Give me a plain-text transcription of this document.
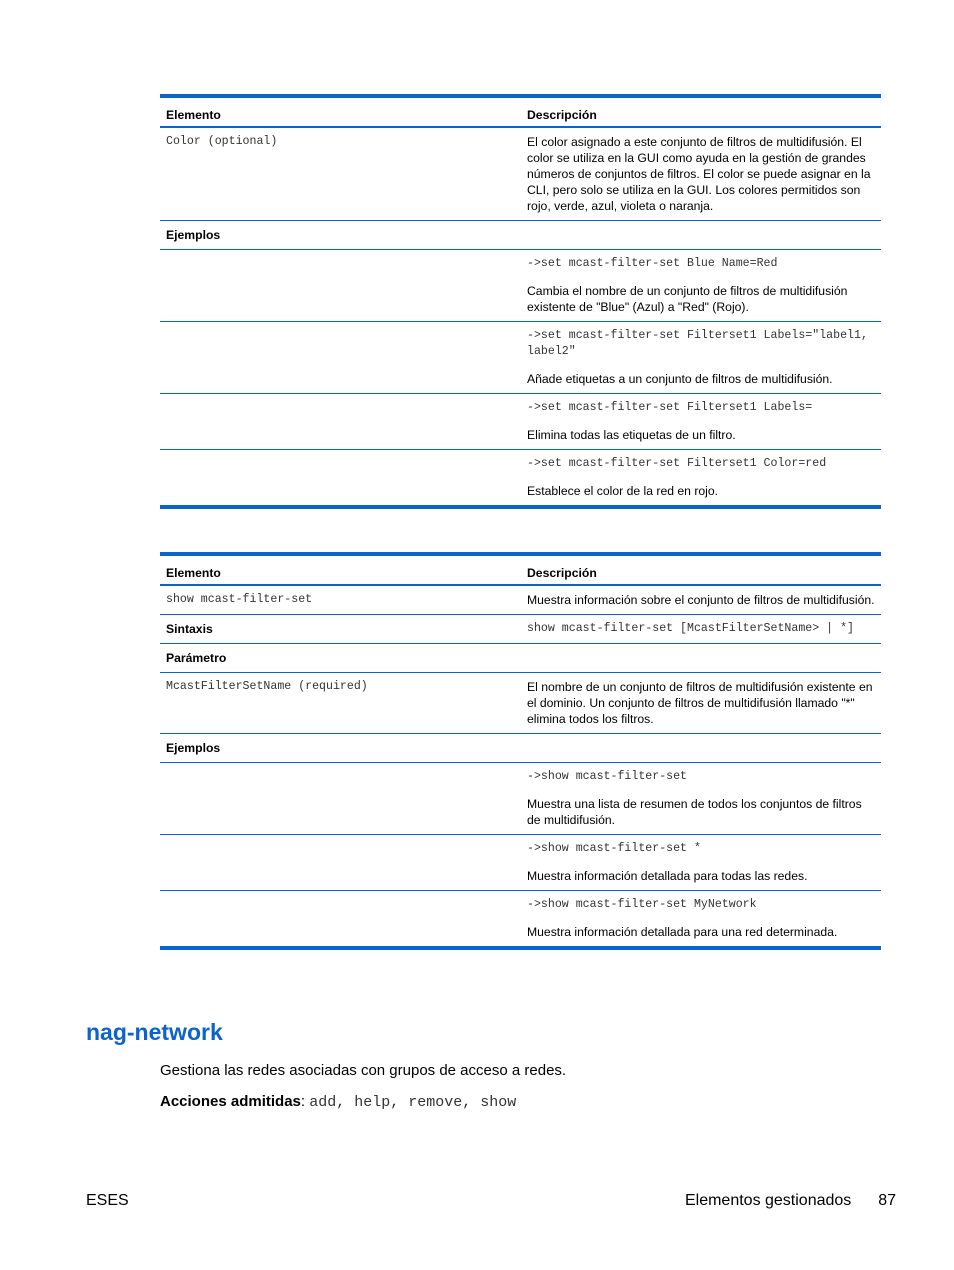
Elemento	Descripción
Color (optional)	El color asignado a este conjunto de filtros de multidifusión. El color se utiliza en la GUI como ayuda en la gestión de grandes números de conjuntos de filtros. El color se puede asignar en la CLI, pero solo se utiliza en la GUI. Los colores permitidos son rojo, verde, azul, violeta o naranja.
Ejemplos	

	->set mcast-filter-set Blue Name=Red
Cambia el nombre de un conjunto de filtros de multidifusión existente de "Blue" (Azul) a "Red" (Rojo).

	->set mcast-filter-set Filterset1 Labels="label1, label2"
Añade etiquetas a un conjunto de filtros de multidifusión.

	->set mcast-filter-set Filterset1 Labels=
Elimina todas las etiquetas de un filtro.

	->set mcast-filter-set Filterset1 Color=red
Establece el color de la red en rojo.
Elemento	Descripción
show mcast-filter-set	Muestra información sobre el conjunto de filtros de multidifusión.
Sintaxis	show mcast-filter-set [McastFilterSetName> | *]
Parámetro	
McastFilterSetName (required)	El nombre de un conjunto de filtros de multidifusión existente en el dominio. Un conjunto de filtros de multidifusión llamado "*" elimina todos los filtros.
Ejemplos	

	->show mcast-filter-set
Muestra una lista de resumen de todos los conjuntos de filtros de multidifusión.

	->show mcast-filter-set *
Muestra información detallada para todas las redes.

	->show mcast-filter-set MyNetwork
Muestra información detallada para una red determinada.
nag-network

Gestiona las redes asociadas con grupos de acceso a redes.

Acciones admitidas: add, help, remove, show

ESES	Elementos gestionados 87
